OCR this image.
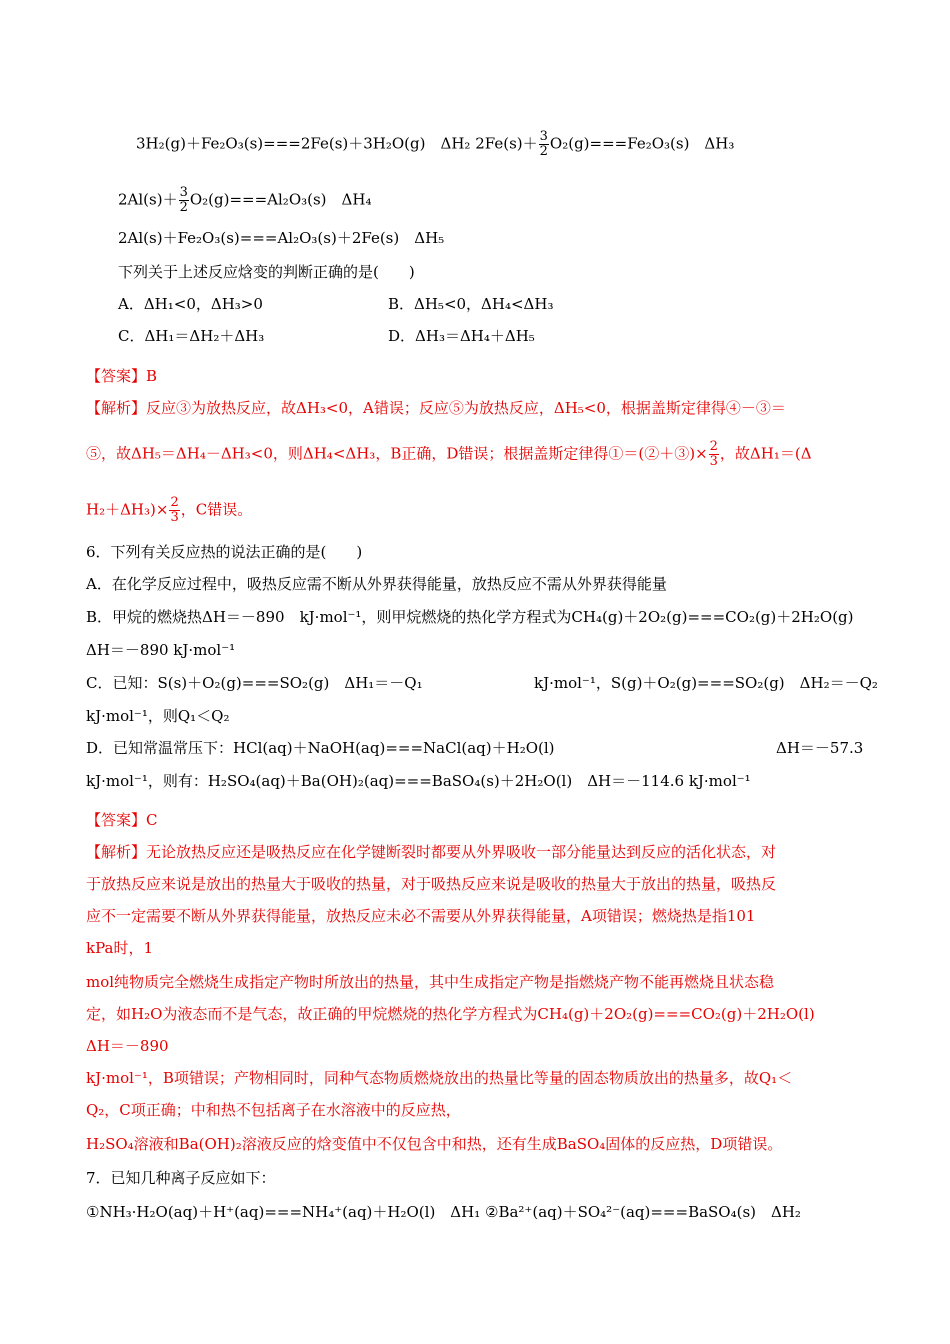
3H₂(g)＋Fe₂O₃(s)===2Fe(s)＋3H₂O(g)　ΔH₂ $2Fe(s)+ \frac{3}{2} O_2(g)===Fe_2O_3(s)$　ΔH₃
$2Al(s)+ \frac{3}{2} O_2(g)===Al_2O_3(s)$　ΔH₄
2Al(s)＋Fe₂O₃(s)===Al₂O₃(s)＋2Fe(s)　ΔH₅
下列关于上述反应焓变的判断正确的是(　　)
A．ΔH₁<0，ΔH₃>0	B．ΔH₅<0，ΔH₄<ΔH₃
C．ΔH₁＝ΔH₂＋ΔH₃	D．ΔH₃＝ΔH₄＋ΔH₅
【答案】B
【解析】反应③为放热反应，故ΔH₃<0，A错误；反应⑤为放热反应，ΔH₅<0，根据盖斯定律得④－③＝
⑤，故ΔH₅＝ΔH₄－ΔH₃<0，则ΔH₄<ΔH₃，B正确，D错误；根据盖斯定律得①＝(②＋③)× $\frac{2}{3}$ ，故ΔH₁＝(Δ
$H_2+\Delta H_3)\times \frac{2}{3}$ ，C错误。
6．下列有关反应热的说法正确的是(　　)
A．在化学反应过程中，吸热反应需不断从外界获得能量，放热反应不需从外界获得能量
B．甲烷的燃烧热ΔH＝－890　kJ·mol⁻¹，则甲烷燃烧的热化学方程式为CH₄(g)＋2O₂(g)===CO₂(g)＋2H₂O(g)
ΔH＝－890 kJ·mol⁻¹
C．已知：S(s)＋O₂(g)===SO₂(g)　ΔH₁＝－Q₁	kJ·mol⁻¹，S(g)＋O₂(g)===SO₂(g)　ΔH₂＝－Q₂
kJ·mol⁻¹，则Q₁＜Q₂
D．已知常温常压下：HCl(aq)＋NaOH(aq)===NaCl(aq)＋H₂O(l)	ΔH＝－57.3
kJ·mol⁻¹，则有：H₂SO₄(aq)＋Ba(OH)₂(aq)===BaSO₄(s)＋2H₂O(l)　ΔH＝－114.6 kJ·mol⁻¹
【答案】C
【解析】无论放热反应还是吸热反应在化学键断裂时都要从外界吸收一部分能量达到反应的活化状态，对
于放热反应来说是放出的热量大于吸收的热量，对于吸热反应来说是吸收的热量大于放出的热量，吸热反
应不一定需要不断从外界获得能量，放热反应未必不需要从外界获得能量，A项错误；燃烧热是指101
kPa时，1
mol纯物质完全燃烧生成指定产物时所放出的热量，其中生成指定产物是指燃烧产物不能再燃烧且状态稳
定，如H₂O为液态而不是气态，故正确的甲烷燃烧的热化学方程式为CH₄(g)＋2O₂(g)===CO₂(g)＋2H₂O(l)
ΔH＝－890
kJ·mol⁻¹，B项错误；产物相同时，同种气态物质燃烧放出的热量比等量的固态物质放出的热量多，故Q₁＜
Q₂，C项正确；中和热不包括离子在水溶液中的反应热，
H₂SO₄溶液和Ba(OH)₂溶液反应的焓变值中不仅包含中和热，还有生成BaSO₄固体的反应热，D项错误。
7．已知几种离子反应如下：
①NH₃·H₂O(aq)＋H⁺(aq)===NH₄⁺(aq)＋H₂O(l)　ΔH₁ ②Ba²⁺(aq)＋SO₄²⁻(aq)===BaSO₄(s)　ΔH₂
